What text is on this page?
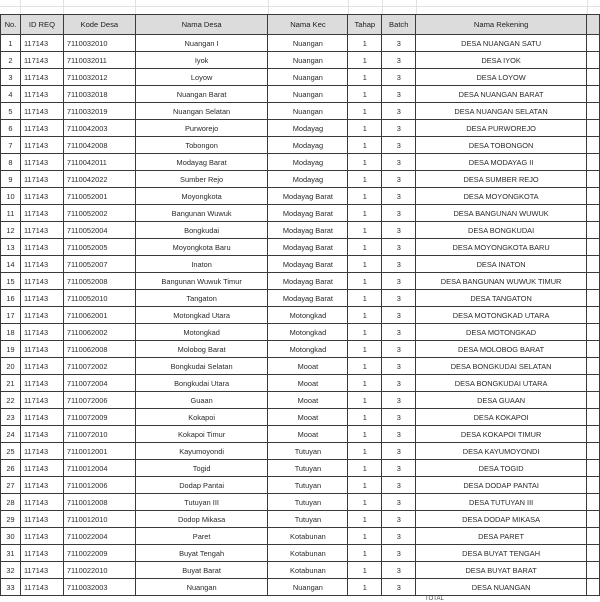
No.	ID REQ	Kode Desa	Nama Desa	Nama Kec	Tahap	Batch	Nama Rekening	
1	117143	7110032010	Nuangan I	Nuangan	1	3	DESA NUANGAN SATU	
2	117143	7110032011	Iyok	Nuangan	1	3	DESA IYOK	
3	117143	7110032012	Loyow	Nuangan	1	3	DESA LOYOW	
4	117143	7110032018	Nuangan Barat	Nuangan	1	3	DESA NUANGAN BARAT	
5	117143	7110032019	Nuangan Selatan	Nuangan	1	3	DESA NUANGAN SELATAN	
6	117143	7110042003	Purworejo	Modayag	1	3	DESA PURWOREJO	
7	117143	7110042008	Tobongon	Modayag	1	3	DESA TOBONGON	
8	117143	7110042011	Modayag Barat	Modayag	1	3	DESA MODAYAG II	
9	117143	7110042022	Sumber Rejo	Modayag	1	3	DESA SUMBER REJO	
10	117143	7110052001	Moyongkota	Modayag Barat	1	3	DESA MOYONGKOTA	
11	117143	7110052002	Bangunan Wuwuk	Modayag Barat	1	3	DESA BANGUNAN WUWUK	
12	117143	7110052004	Bongkudai	Modayag Barat	1	3	DESA BONGKUDAI	
13	117143	7110052005	Moyongkota Baru	Modayag Barat	1	3	DESA MOYONGKOTA BARU	
14	117143	7110052007	Inaton	Modayag Barat	1	3	DESA INATON	
15	117143	7110052008	Bangunan Wuwuk Timur	Modayag Barat	1	3	DESA BANGUNAN WUWUK TIMUR	
16	117143	7110052010	Tangaton	Modayag Barat	1	3	DESA TANGATON	
17	117143	7110062001	Motongkad Utara	Motongkad	1	3	DESA MOTONGKAD UTARA	
18	117143	7110062002	Motongkad	Motongkad	1	3	DESA MOTONGKAD	
19	117143	7110062008	Molobog Barat	Motongkad	1	3	DESA MOLOBOG BARAT	
20	117143	7110072002	Bongkudai Selatan	Mooat	1	3	DESA BONGKUDAI SELATAN	
21	117143	7110072004	Bongkudai Utara	Mooat	1	3	DESA BONGKUDAI UTARA	
22	117143	7110072006	Guaan	Mooat	1	3	DESA GUAAN	
23	117143	7110072009	Kokapoi	Mooat	1	3	DESA KOKAPOI	
24	117143	7110072010	Kokapoi Timur	Mooat	1	3	DESA KOKAPOI TIMUR	
25	117143	7110012001	Kayumoyondi	Tutuyan	1	3	DESA KAYUMOYONDI	
26	117143	7110012004	Togid	Tutuyan	1	3	DESA TOGID	
27	117143	7110012006	Dodap Pantai	Tutuyan	1	3	DESA DODAP PANTAI	
28	117143	7110012008	Tutuyan III	Tutuyan	1	3	DESA TUTUYAN III	
29	117143	7110012010	Dodop Mikasa	Tutuyan	1	3	DESA DODAP MIKASA	
30	117143	7110022004	Paret	Kotabunan	1	3	DESA PARET	
31	117143	7110022009	Buyat Tengah	Kotabunan	1	3	DESA BUYAT TENGAH	
32	117143	7110022010	Buyat Barat	Kotabunan	1	3	DESA BUYAT BARAT	
33	117143	7110032003	Nuangan	Nuangan	1	3	DESA NUANGAN	
TOTAL
